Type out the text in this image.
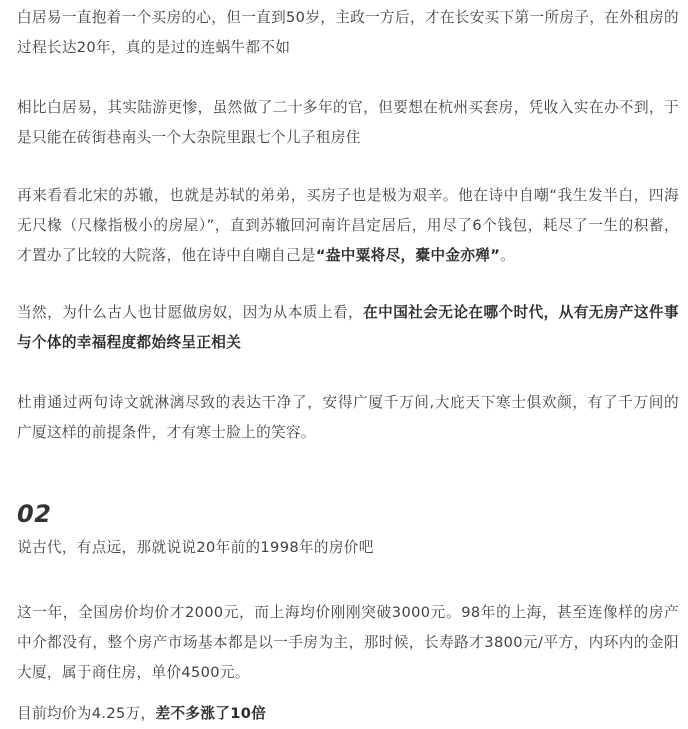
白居易一直抱着一个买房的心，但一直到50岁，主政一方后，才在长安买下第一所房子，在外租房的过程长达20年，真的是过的连蜗牛都不如

相比白居易，其实陆游更惨，虽然做了二十多年的官，但要想在杭州买套房，凭收入实在办不到，于是只能在砖街巷南头一个大杂院里跟七个儿子租房住

再来看看北宋的苏辙，也就是苏轼的弟弟，买房子也是极为艰辛。他在诗中自嘲“我生发半白，四海无尺椽（尺椽指极小的房屋）”，直到苏辙回河南许昌定居后，用尽了6个钱包，耗尽了一生的积蓄，才置办了比较的大院落，他在诗中自嘲自己是“盎中粟将尽，橐中金亦殚”。

当然，为什么古人也甘愿做房奴，因为从本质上看，在中国社会无论在哪个时代，从有无房产这件事与个体的幸福程度都始终呈正相关

杜甫通过两句诗文就淋漓尽致的表达干净了，安得广厦千万间,大庇天下寒士俱欢颜，有了千万间的广厦这样的前提条件，才有寒士脸上的笑容。

02

说古代，有点远，那就说说20年前的1998年的房价吧

这一年，全国房价均价才2000元，而上海均价刚刚突破3000元。98年的上海，甚至连像样的房产中介都没有，整个房产市场基本都是以一手房为主，那时候，长寿路才3800元/平方，内环内的金阳大厦，属于商住房，单价4500元。

目前均价为4.25万，差不多涨了10倍
